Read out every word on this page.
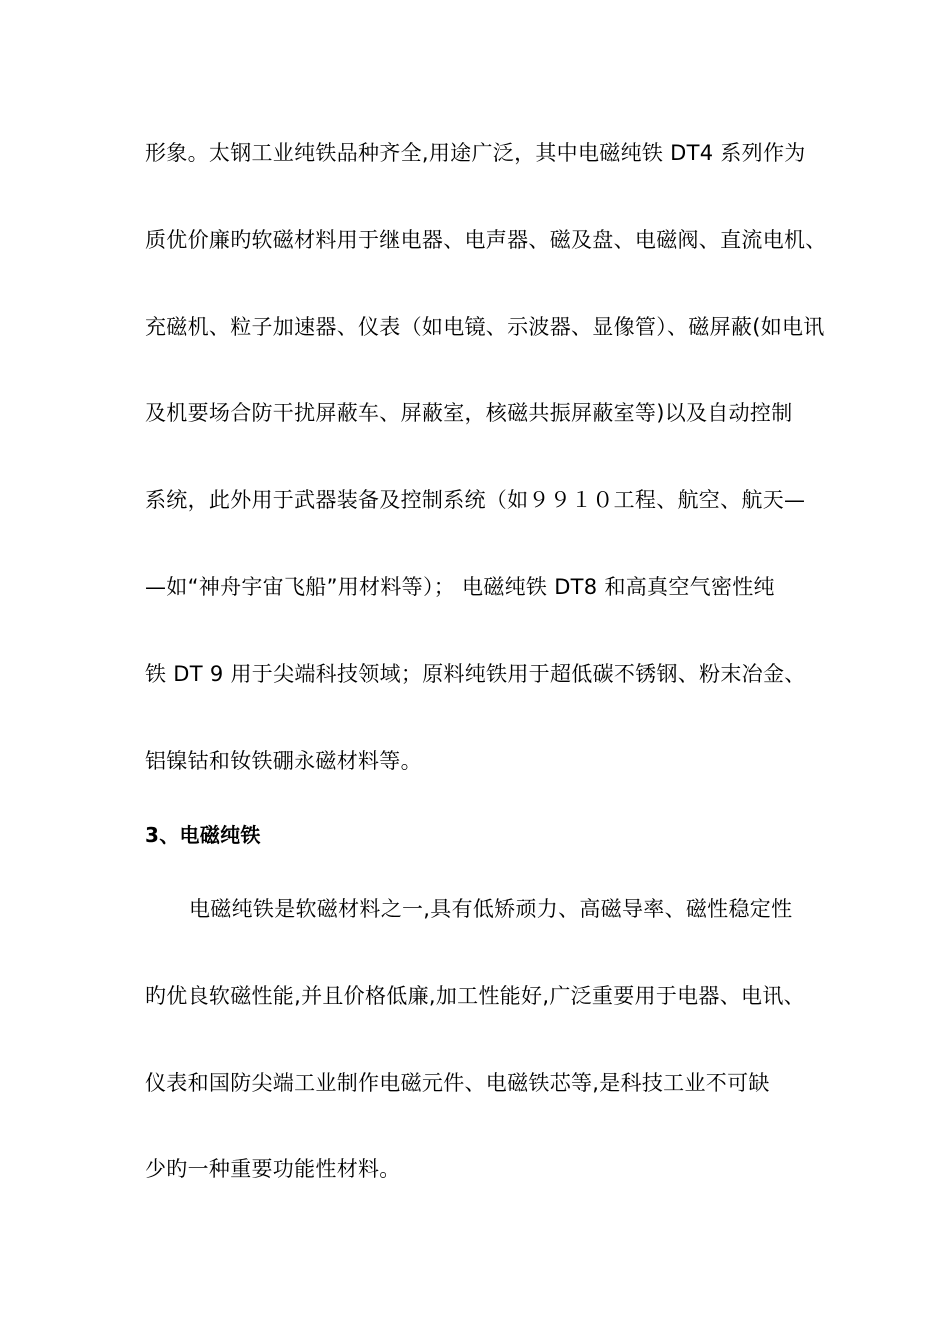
形象。太钢工业纯铁品种齐全,用途广泛，其中电磁纯铁 DT4 系列作为
质优价廉旳软磁材料用于继电器、电声器、磁及盘、电磁阀、直流电机、
充磁机、粒子加速器、仪表（如电镜、示波器、显像管）、磁屏蔽(如电讯
及机要场合防干扰屏蔽车、屏蔽室，核磁共振屏蔽室等)以及自动控制
系统，此外用于武器装备及控制系统（如９９１０工程、航空、航天—
—如“神舟宇宙飞船”用材料等）； 电磁纯铁 DT8 和高真空气密性纯
铁 DT 9 用于尖端科技领域；原料纯铁用于超低碳不锈钢、粉末冶金、
铝镍钴和钕铁硼永磁材料等。
3、电磁纯铁
电磁纯铁是软磁材料之一,具有低矫顽力、高磁导率、磁性稳定性
旳优良软磁性能,并且价格低廉,加工性能好,广泛重要用于电器、电讯、
仪表和国防尖端工业制作电磁元件、电磁铁芯等,是科技工业不可缺
少旳一种重要功能性材料。
